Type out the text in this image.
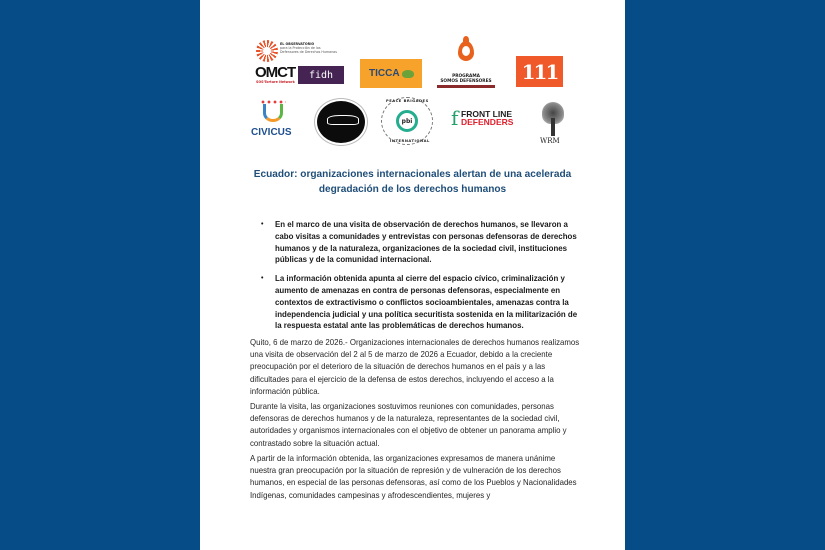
EL OBSERVATORIO
para la Protección de los Defensores de Derechos Humanos
OMCT
SOS-Torture Network
fidh	TICCA	PROGRAMA
SOMOS DEFENSORES	111
CIVICUS
PEACE BRIGADES
pbi
INTERNATIONAL
f FRONT LINE
DEFENDERS
WRM
Ecuador: organizaciones internacionales alertan de una acelerada degradación de los derechos humanos
• En el marco de una visita de observación de derechos humanos, se llevaron a cabo visitas a comunidades y entrevistas con personas defensoras de derechos humanos y de la naturaleza, organizaciones de la sociedad civil, instituciones públicas y de la comunidad internacional.
• La información obtenida apunta al cierre del espacio cívico, criminalización y aumento de amenazas en contra de personas defensoras, especialmente en contextos de extractivismo o conflictos socioambientales, amenazas contra la independencia judicial y una política securitista sostenida en la militarización de la respuesta estatal ante las problemáticas de derechos humanos.

Quito, 6 de marzo de 2026.- Organizaciones internacionales de derechos humanos realizamos una visita de observación del 2 al 5 de marzo de 2026 a Ecuador, debido a la creciente preocupación por el deterioro de la situación de derechos humanos en el país y a las dificultades para el ejercicio de la defensa de estos derechos, incluyendo el acceso a la información pública.

Durante la visita, las organizaciones sostuvimos reuniones con comunidades, personas defensoras de derechos humanos y de la naturaleza, representantes de la sociedad civil, autoridades y organismos internacionales con el objetivo de obtener un panorama amplio y contrastado sobre la situación actual.

A partir de la información obtenida, las organizaciones expresamos de manera unánime nuestra gran preocupación por la situación de represión y de vulneración de los derechos humanos, en especial de las personas defensoras, así como de los Pueblos y Nacionalidades Indígenas, comunidades campesinas y afrodescendientes, mujeres y
